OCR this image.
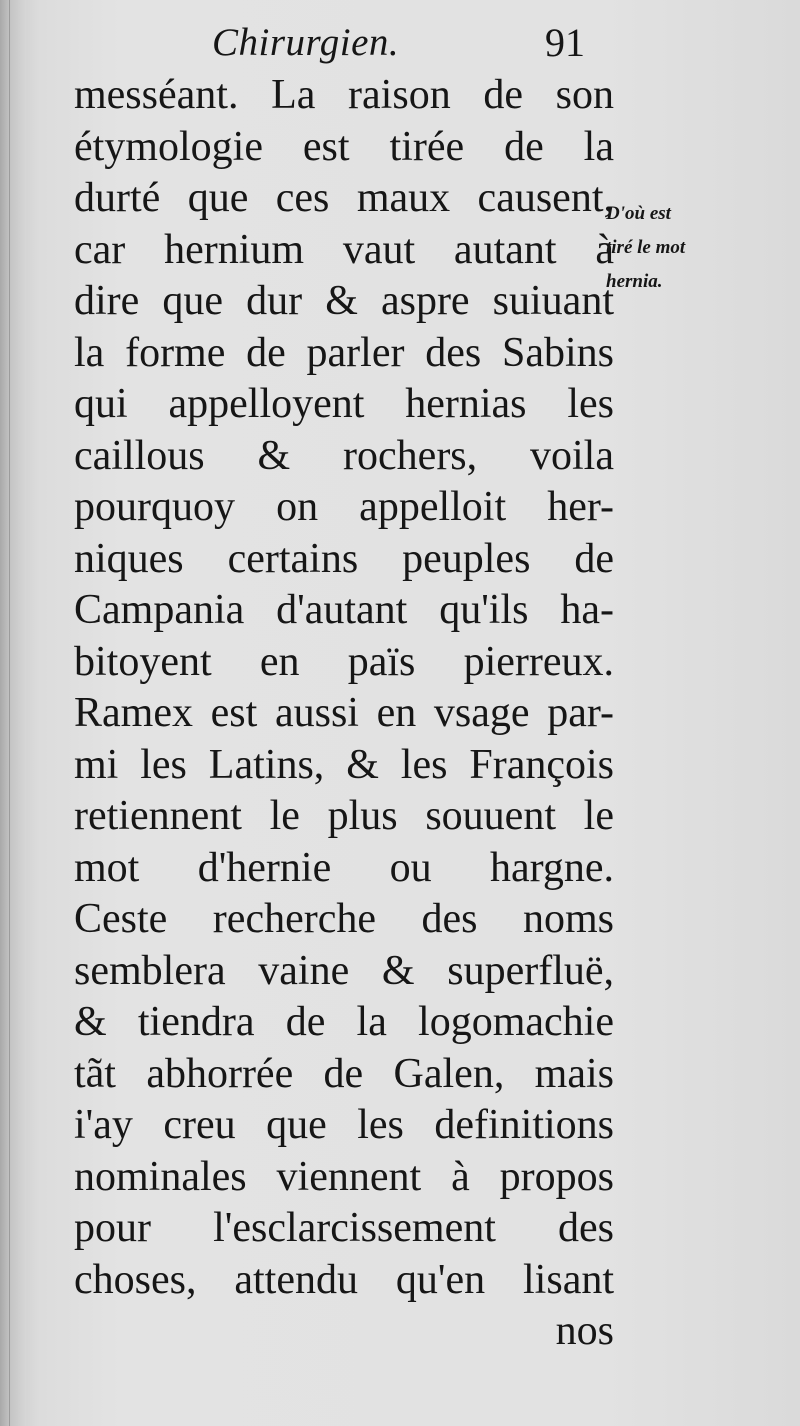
Chirurgien.	91
messéant. La raison de son
étymologie est tirée de la
durté que ces maux causent,
car hernium vaut autant à
dire que dur & aspre suiuant
la forme de parler des Sabins
qui appelloyent hernias les
caillous & rochers, voila
pourquoy on appelloit her-
niques certains peuples de
Campania d'autant qu'ils ha-
bitoyent en païs pierreux.
Ramex est aussi en vsage par-
mi les Latins, & les François
retiennent le plus souuent le
mot d'hernie ou hargne.
Ceste recherche des noms
semblera vaine & superfluë,
& tiendra de la logomachie
tãt abhorrée de Galen, mais
i'ay creu que les definitions
nominales viennent à propos
pour l'esclarcissement des
choses, attendu qu'en lisant
nos
D'où est
tiré le mot
hernia.
